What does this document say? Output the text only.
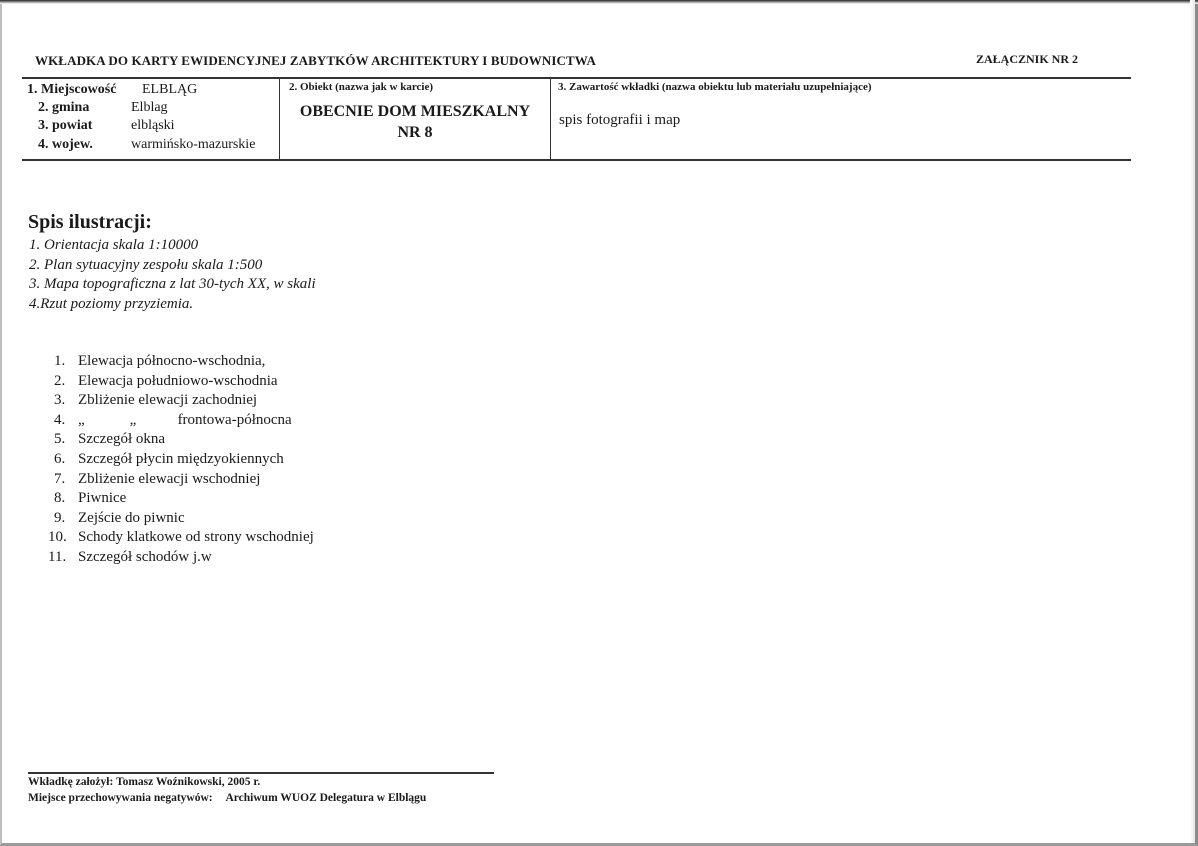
WKŁADKA DO KARTY EWIDENCYJNEJ ZABYTKÓW ARCHITEKTURY I BUDOWNICTWA	ZAŁĄCZNIK NR 2
1. Miejscowość ELBLĄG
2. gmina	Elblag
3. powiat	elbląski
4. wojew.	warmińsko-mazurskie
2. Obiekt (nazwa jak w karcie)
OBECNIE DOM MIESZKALNY
NR 8
3. Zawartość wkładki (nazwa obiektu lub materiału uzupełniające)
spis fotografii i map
Spis ilustracji:
1. Orientacja skala 1:10000
2. Plan sytuacyjny zespołu skala 1:500
3. Mapa topograficzna z lat 30-tych XX, w skali
4.Rzut poziomy przyziemia.
1. Elewacja północno-wschodnia,
2. Elewacja południowo-wschodnia
3. Zbliżenie elewacji zachodniej
4. „            „           frontowa-północna
5. Szczegół okna
6. Szczegół płycin międzyokiennych
7. Zbliżenie elewacji wschodniej
8. Piwnice
9. Zejście do piwnic
10. Schody klatkowe od strony wschodniej
11. Szczegół schodów j.w
Wkładkę założył: Tomasz Woźnikowski, 2005 r.
Miejsce przechowywania negatywów: Archiwum WUOZ Delegatura w Elblągu
